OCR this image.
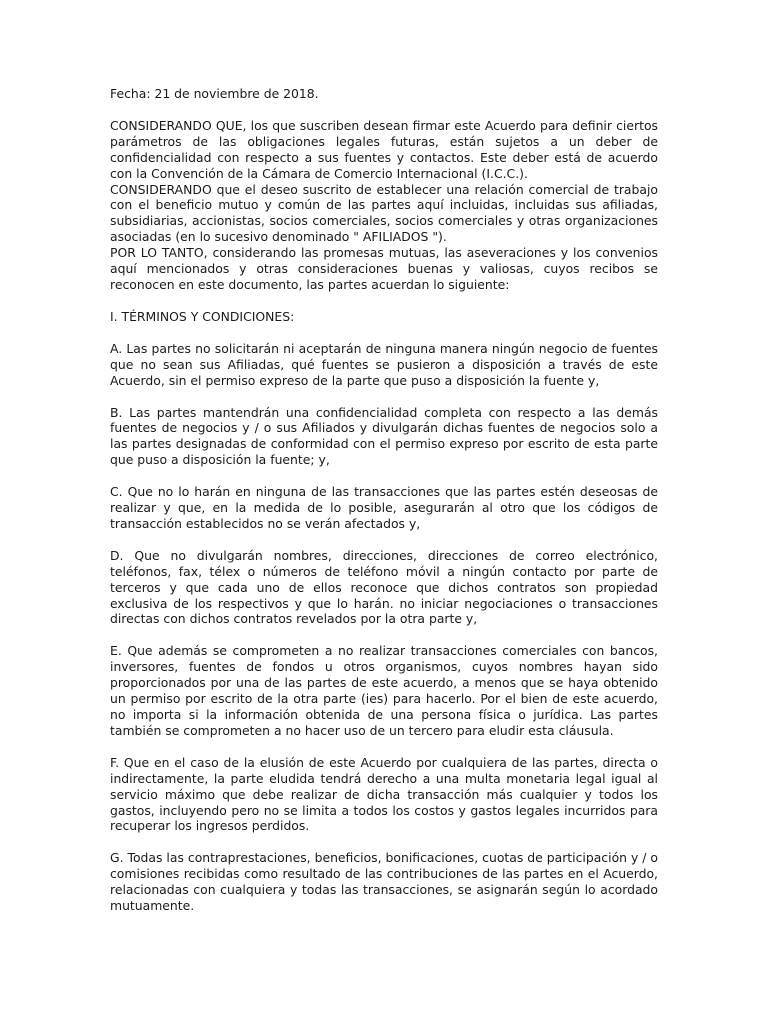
Fecha: 21 de noviembre de 2018.

CONSIDERANDO QUE, los que suscriben desean firmar este Acuerdo para definir ciertos parámetros de las obligaciones legales futuras, están sujetos a un deber de confidencialidad con respecto a sus fuentes y contactos. Este deber está de acuerdo con la Convención de la Cámara de Comercio Internacional (I.C.C.).

CONSIDERANDO que el deseo suscrito de establecer una relación comercial de trabajo con el beneficio mutuo y común de las partes aquí incluidas, incluidas sus afiliadas, subsidiarias, accionistas, socios comerciales, socios comerciales y otras organizaciones asociadas (en lo sucesivo denominado " AFILIADOS ").

POR LO TANTO, considerando las promesas mutuas, las aseveraciones y los convenios aquí mencionados y otras consideraciones buenas y valiosas, cuyos recibos se reconocen en este documento, las partes acuerdan lo siguiente:

I. TÉRMINOS Y CONDICIONES:

A. Las partes no solicitarán ni aceptarán de ninguna manera ningún negocio de fuentes que no sean sus Afiliadas, qué fuentes se pusieron a disposición a través de este Acuerdo, sin el permiso expreso de la parte que puso a disposición la fuente y,

B. Las partes mantendrán una confidencialidad completa con respecto a las demás fuentes de negocios y / o sus Afiliados y divulgarán dichas fuentes de negocios solo a las partes designadas de conformidad con el permiso expreso por escrito de esta parte que puso a disposición la fuente; y,

C. Que no lo harán en ninguna de las transacciones que las partes estén deseosas de realizar y que, en la medida de lo posible, asegurarán al otro que los códigos de transacción establecidos no se verán afectados y,

D. Que no divulgarán nombres, direcciones, direcciones de correo electrónico, teléfonos, fax, télex o números de teléfono móvil a ningún contacto por parte de terceros y que cada uno de ellos reconoce que dichos contratos son propiedad exclusiva de los respectivos y que lo harán. no iniciar negociaciones o transacciones directas con dichos contratos revelados por la otra parte y,

E. Que además se comprometen a no realizar transacciones comerciales con bancos, inversores, fuentes de fondos u otros organismos, cuyos nombres hayan sido proporcionados por una de las partes de este acuerdo, a menos que se haya obtenido un permiso por escrito de la otra parte (ies) para hacerlo. Por el bien de este acuerdo, no importa si la información obtenida de una persona física o jurídica. Las partes también se comprometen a no hacer uso de un tercero para eludir esta cláusula.

F. Que en el caso de la elusión de este Acuerdo por cualquiera de las partes, directa o indirectamente, la parte eludida tendrá derecho a una multa monetaria legal igual al servicio máximo que debe realizar de dicha transacción más cualquier y todos los gastos, incluyendo pero no se limita a todos los costos y gastos legales incurridos para recuperar los ingresos perdidos.

G. Todas las contraprestaciones, beneficios, bonificaciones, cuotas de participación y / o comisiones recibidas como resultado de las contribuciones de las partes en el Acuerdo, relacionadas con cualquiera y todas las transacciones, se asignarán según lo acordado mutuamente.
